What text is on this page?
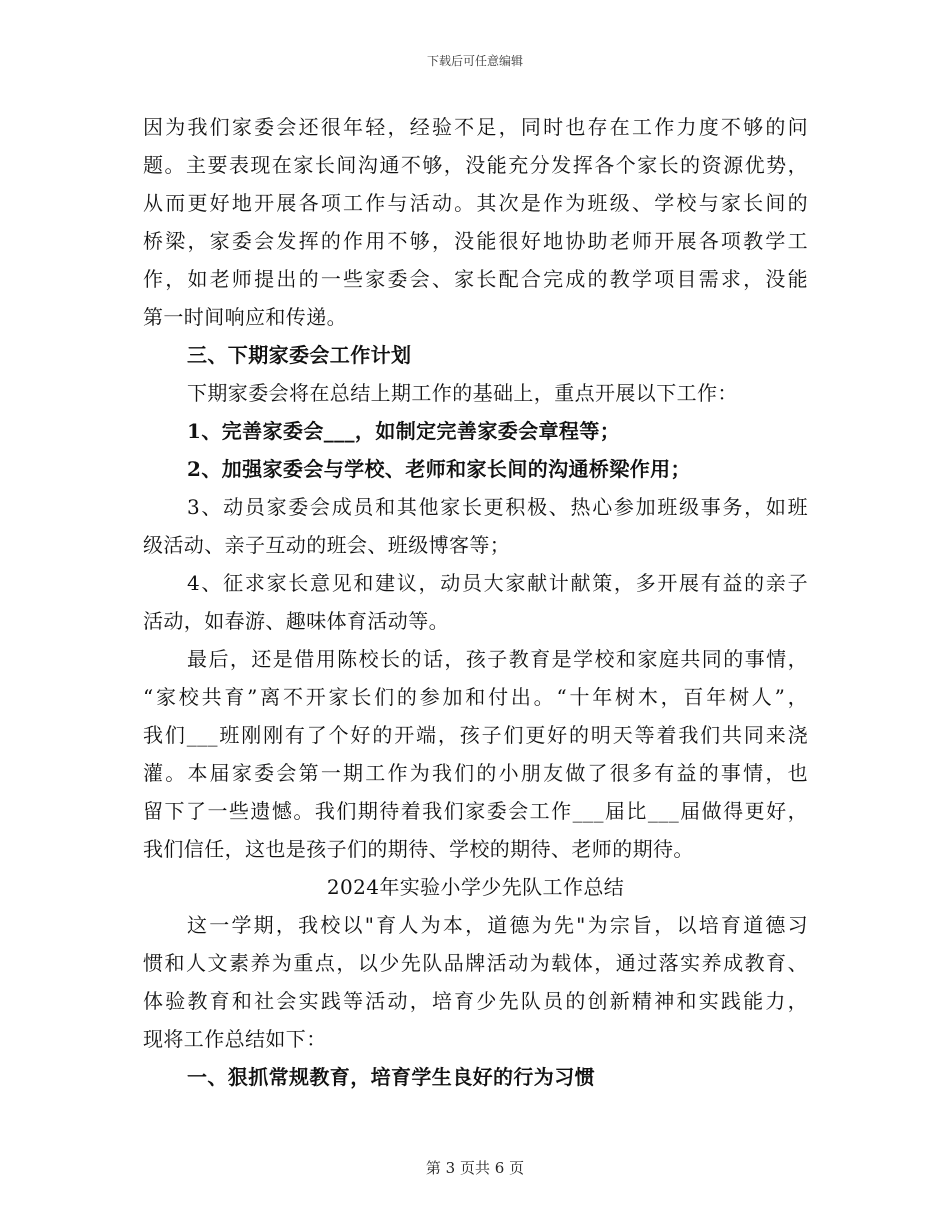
下载后可任意编辑
因为我们家委会还很年轻，经验不足，同时也存在工作力度不够的问
题。主要表现在家长间沟通不够，没能充分发挥各个家长的资源优势，
从而更好地开展各项工作与活动。其次是作为班级、学校与家长间的
桥梁，家委会发挥的作用不够，没能很好地协助老师开展各项教学工
作，如老师提出的一些家委会、家长配合完成的教学项目需求，没能
第一时间响应和传递。
三、下期家委会工作计划
下期家委会将在总结上期工作的基础上，重点开展以下工作：
1、完善家委会___，如制定完善家委会章程等；
2、加强家委会与学校、老师和家长间的沟通桥梁作用；
3、动员家委会成员和其他家长更积极、热心参加班级事务，如班
级活动、亲子互动的班会、班级博客等；
4、征求家长意见和建议，动员大家献计献策，多开展有益的亲子
活动，如春游、趣味体育活动等。
最后，还是借用陈校长的话，孩子教育是学校和家庭共同的事情，
“家校共育”离不开家长们的参加和付出。“十年树木，百年树人”，
我们___班刚刚有了个好的开端，孩子们更好的明天等着我们共同来浇
灌。本届家委会第一期工作为我们的小朋友做了很多有益的事情，也
留下了一些遗憾。我们期待着我们家委会工作___届比___届做得更好，
我们信任，这也是孩子们的期待、学校的期待、老师的期待。
2024年实验小学少先队工作总结
这一学期，我校以"育人为本，道德为先"为宗旨，以培育道德习
惯和人文素养为重点，以少先队品牌活动为载体，通过落实养成教育、
体验教育和社会实践等活动，培育少先队员的创新精神和实践能力，
现将工作总结如下：
一、狠抓常规教育，培育学生良好的行为习惯
第 3 页共 6 页
